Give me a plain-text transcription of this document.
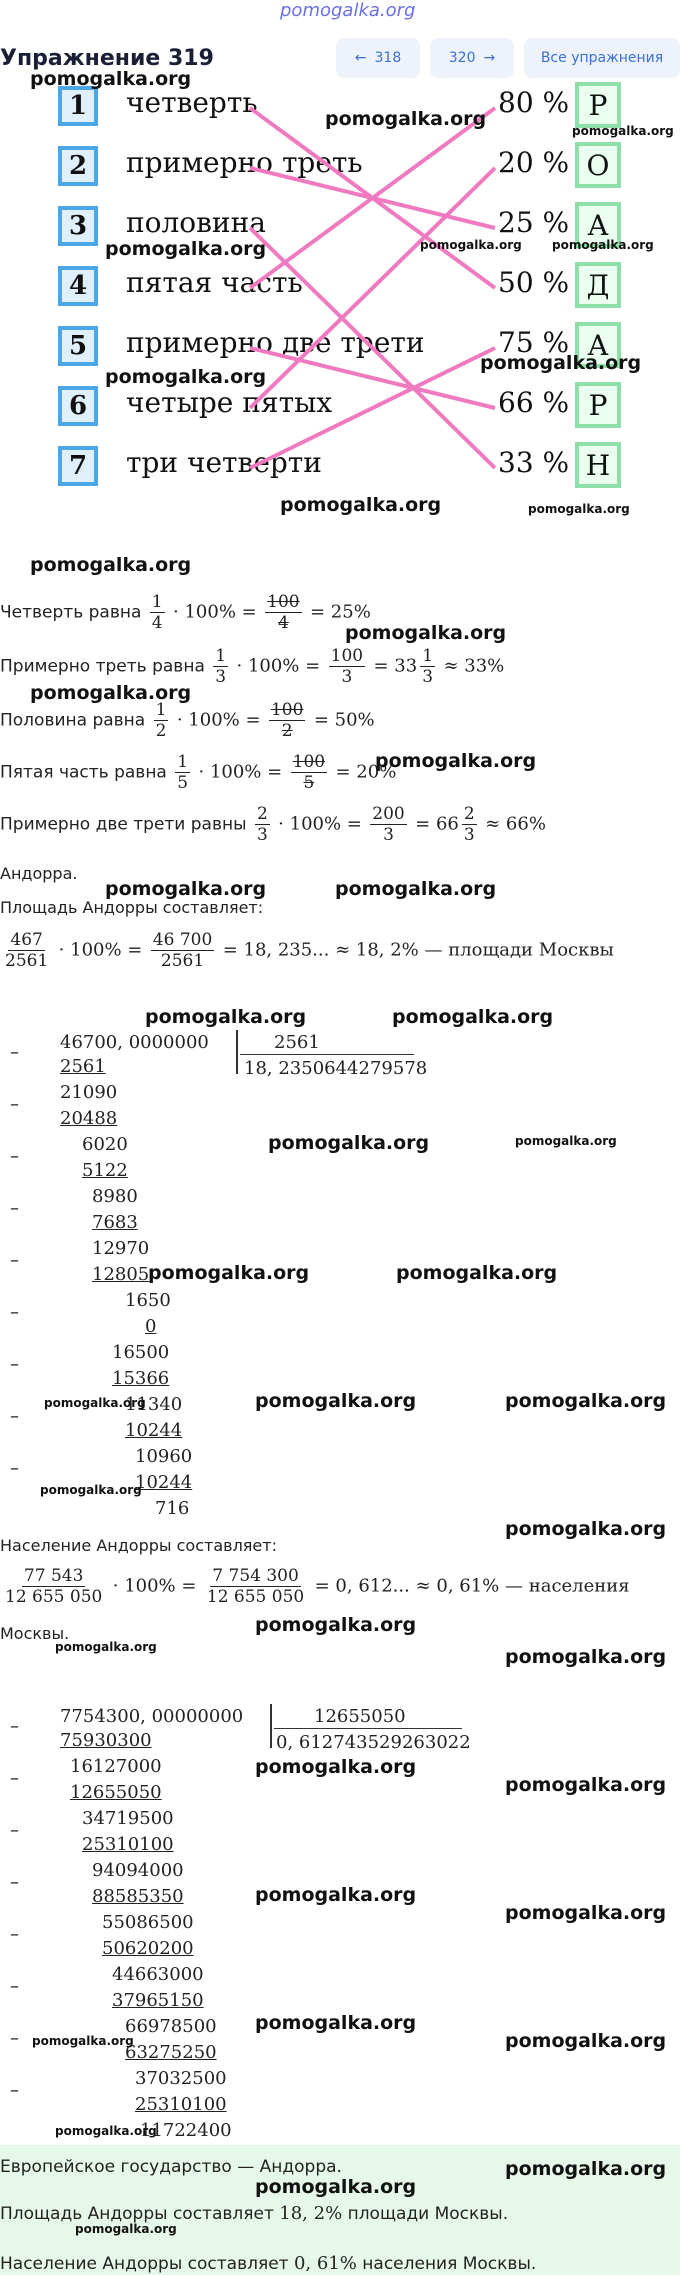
pomogalka.org
Упражнение 319	← 318	320 →	Все упражнения
1
2
3
4
5
6
7
четверть
примерно треть
половина
пятая часть
примерно две трети
четыре пятых
три четверти
80 %
20 %
25 %
50 %
75 %
66 %
33 %
Р
О
А
Д
А
Р
Н
pomogalka.org
pomogalka.org
pomogalka.org
pomogalka.org	pomogalka.org
pomogalka.org
pomogalka.org
pomogalka.org
pomogalka.org	pomogalka.org
pomogalka.org
Четверть равна $\frac{1}{4} \cdot 100\% = \frac{100}{4} = 25\%$
pomogalka.org
Примерно треть равна $\frac{1}{3} \cdot 100\% = \frac{100}{3} = 33 \frac{1}{3} \approx 33\%$
pomogalka.org
Половина равна $\frac{1}{2} \cdot 100\% = \frac{100}{2} = 50\%$
Пятая часть равна $\frac{1}{5} \cdot 100\% = \frac{100}{5} = 20\%$
pomogalka.org
Примерно две трети равны $\frac{2}{3} \cdot 100\% = \frac{200}{3} = 66 \frac{2}{3} \approx 66\%$
Андорра.
pomogalka.org	pomogalka.org
Площадь Андорры составляет:
$\frac{467}{2561} \cdot 100\% = \frac{46 700}{2561} = 18$, 235... ≈ 18, 2% — площади Москвы
pomogalka.org	pomogalka.org
46700, 0000000	2561
18, 2350644279578
2561
–
21090
20488
–
6020
5122
–
8980
7683
–
12970
12805
–
1650
0
–
16500
15366
–
11340
10244
–
10960
10244
–
716
pomogalka.org	pomogalka.org
pomogalka.org	pomogalka.org
pomogalka.org	pomogalka.org	pomogalka.org
pomogalka.org
pomogalka.org
Население Андорры составляет:
$\frac{77 543}{12 655 050} \cdot 100\% = \frac{7 754 300}{12 655 050} = 0$, 612... ≈ 0, 61% — населения
Москвы.	pomogalka.org
pomogalka.org	pomogalka.org
7754300, 00000000	12655050
0, 612743529263022
75930300
–
16127000
12655050
–
34719500
25310100
–
94094000
88585350
–
55086500
50620200
–
44663000
37965150
–
66978500
63275250
–
37032500
25310100
–
11722400
pomogalka.org
pomogalka.org
pomogalka.org
pomogalka.org
pomogalka.org
pomogalka.org	pomogalka.org
pomogalka.org
Европейское государство — Андорра.
Площадь Андорры составляет 18, 2% площади Москвы.
Население Андорры составляет 0, 61% населения Москвы.
pomogalka.org
pomogalka.org
pomogalka.org
